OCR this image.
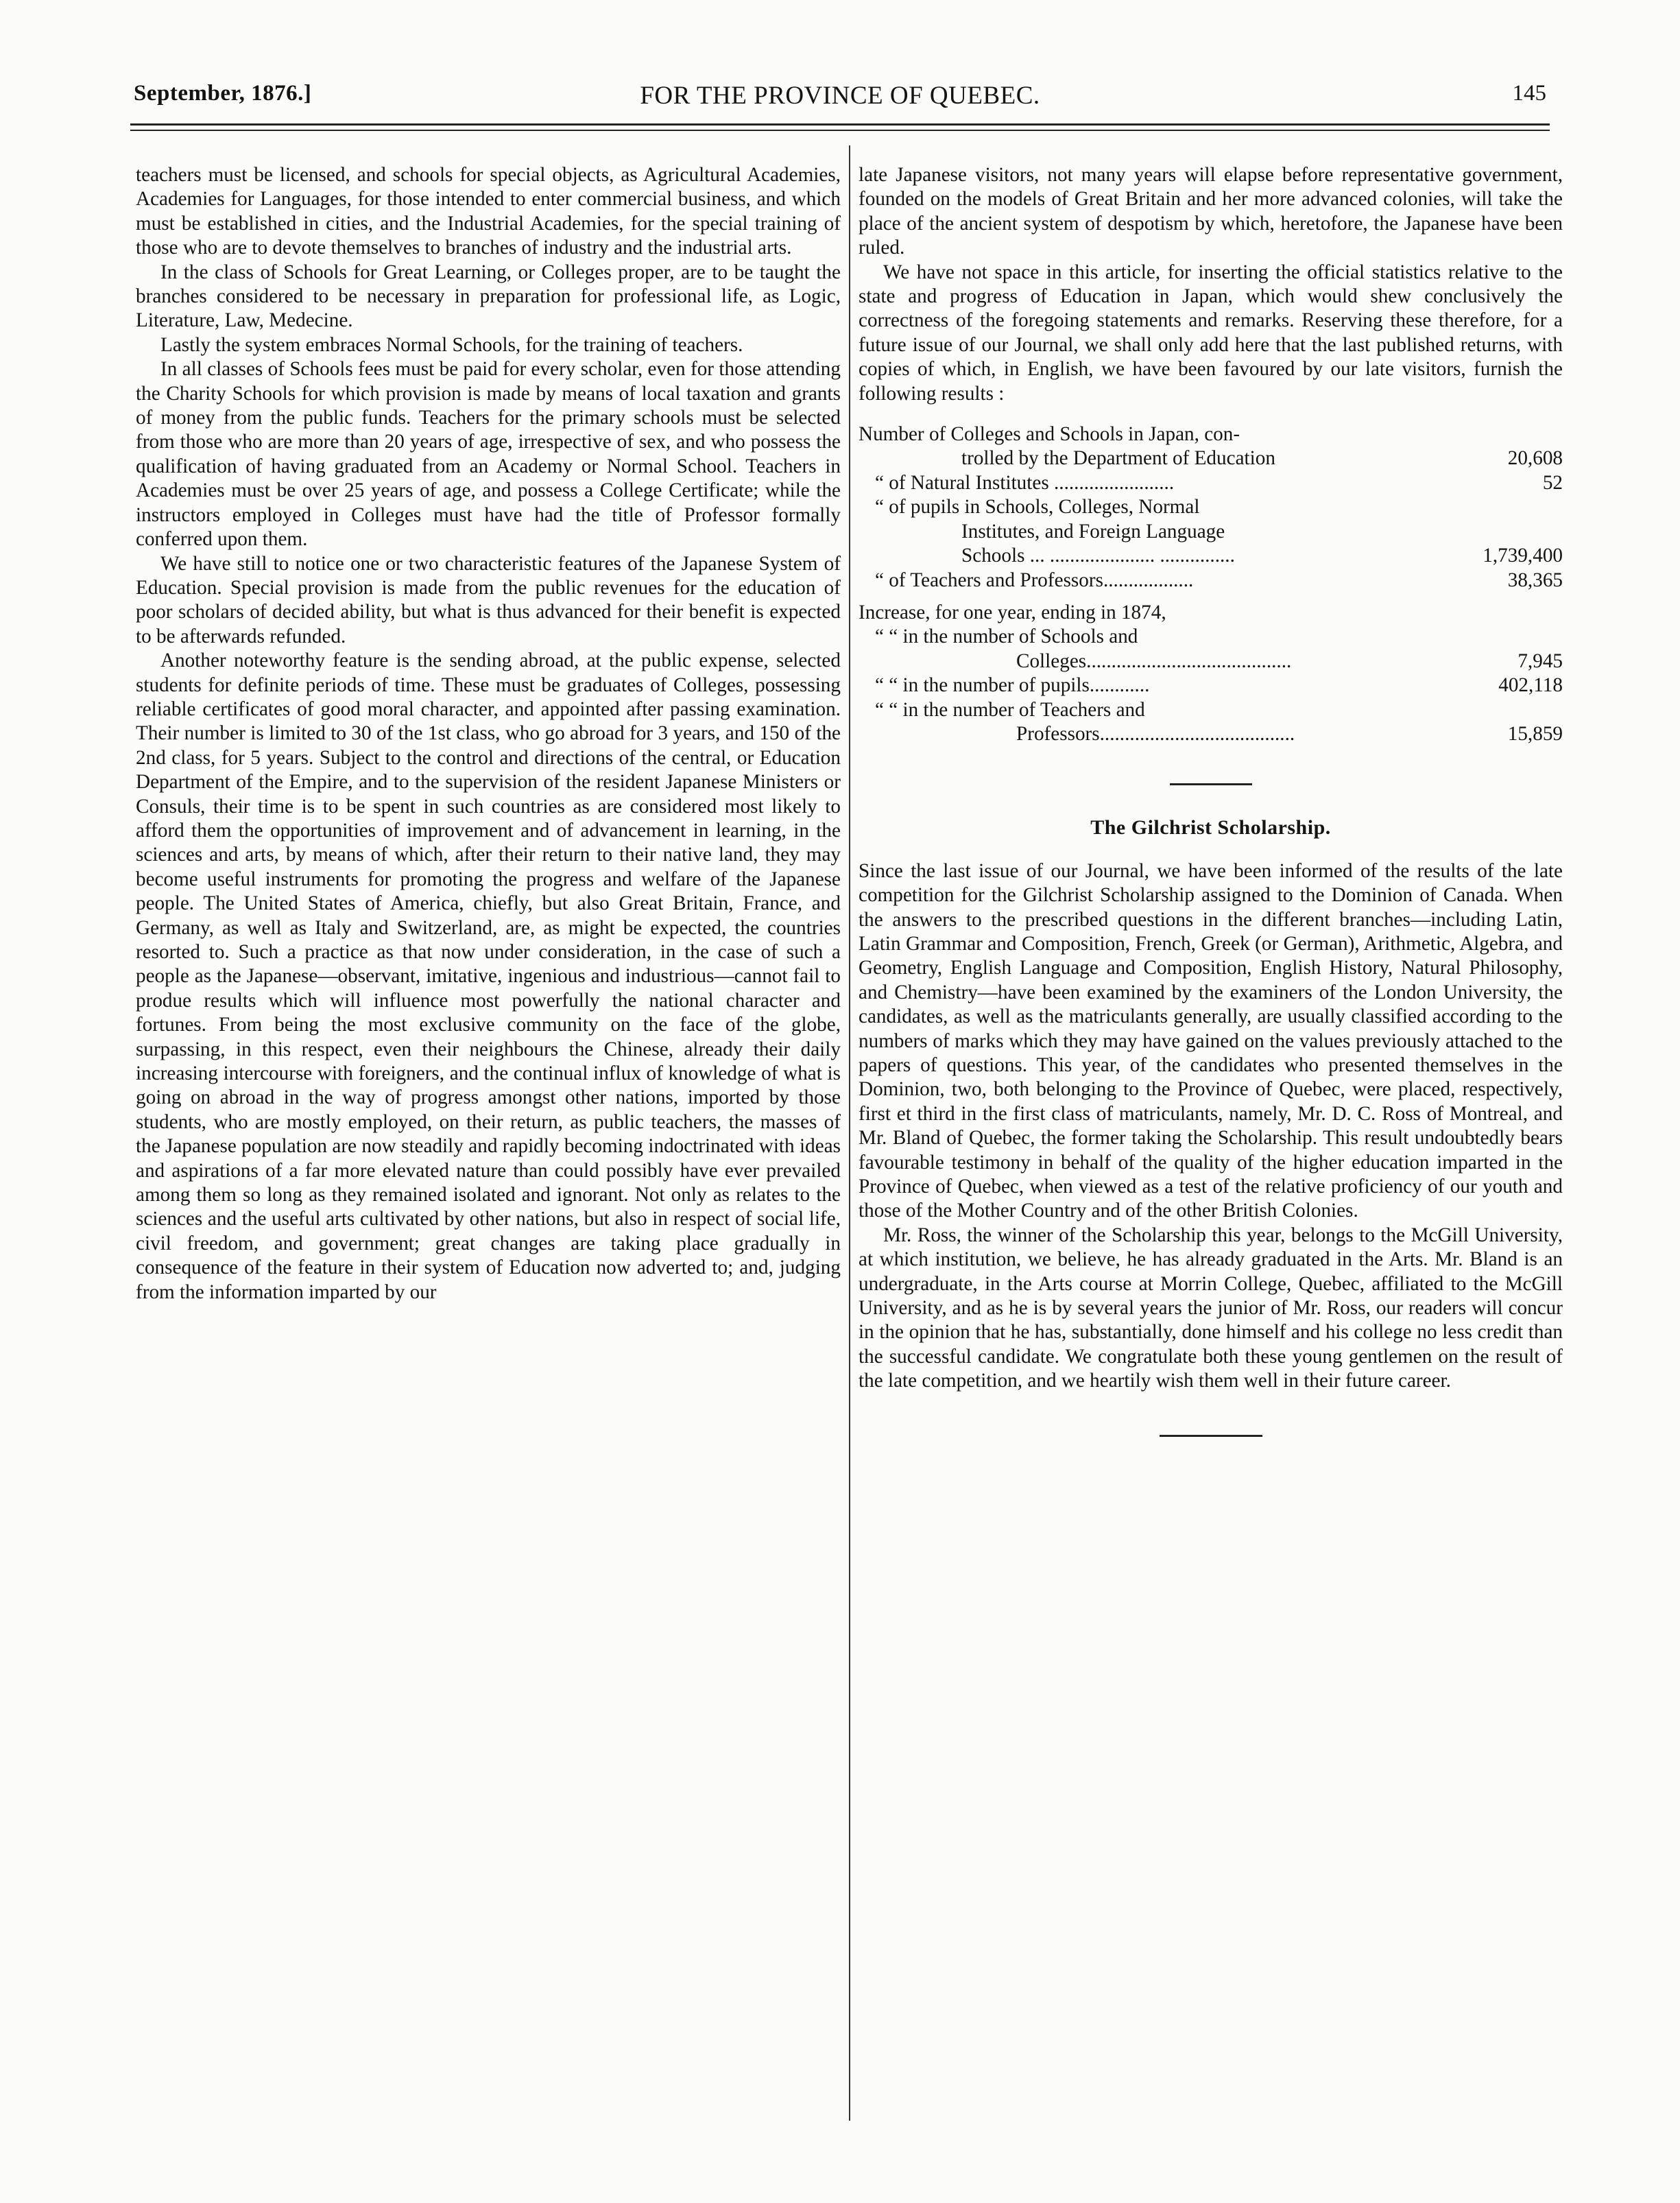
FOR THE PROVINCE OF QUEBEC.
September, 1876.]	145

teachers must be licensed, and schools for special objects, as Agricultural Academies, Academies for Languages, for those intended to enter commercial business, and which must be established in cities, and the Industrial Academies, for the special training of those who are to devote themselves to branches of industry and the industrial arts.

In the class of Schools for Great Learning, or Colleges proper, are to be taught the branches considered to be necessary in preparation for professional life, as Logic, Literature, Law, Medecine.

Lastly the system embraces Normal Schools, for the training of teachers.

In all classes of Schools fees must be paid for every scholar, even for those attending the Charity Schools for which provision is made by means of local taxation and grants of money from the public funds. Teachers for the primary schools must be selected from those who are more than 20 years of age, irrespective of sex, and who possess the qualification of having graduated from an Academy or Normal School. Teachers in Academies must be over 25 years of age, and possess a College Certificate; while the instructors employed in Colleges must have had the title of Professor formally conferred upon them.

We have still to notice one or two characteristic features of the Japanese System of Education. Special provision is made from the public revenues for the education of poor scholars of decided ability, but what is thus advanced for their benefit is expected to be afterwards refunded.

Another noteworthy feature is the sending abroad, at the public expense, selected students for definite periods of time. These must be graduates of Colleges, possessing reliable certificates of good moral character, and appointed after passing examination. Their number is limited to 30 of the 1st class, who go abroad for 3 years, and 150 of the 2nd class, for 5 years. Subject to the control and directions of the central, or Education Department of the Empire, and to the supervision of the resident Japanese Ministers or Consuls, their time is to be spent in such countries as are considered most likely to afford them the opportunities of improvement and of advancement in learning, in the sciences and arts, by means of which, after their return to their native land, they may become useful instruments for promoting the progress and welfare of the Japanese people. The United States of America, chiefly, but also Great Britain, France, and Germany, as well as Italy and Switzerland, are, as might be expected, the countries resorted to. Such a practice as that now under consideration, in the case of such a people as the Japanese—observant, imitative, ingenious and industrious—cannot fail to produe results which will influence most powerfully the national character and fortunes. From being the most exclusive community on the face of the globe, surpassing, in this respect, even their neighbours the Chinese, already their daily increasing intercourse with foreigners, and the continual influx of knowledge of what is going on abroad in the way of progress amongst other nations, imported by those students, who are mostly employed, on their return, as public teachers, the masses of the Japanese population are now steadily and rapidly becoming indoctrinated with ideas and aspirations of a far more elevated nature than could possibly have ever prevailed among them so long as they remained isolated and ignorant. Not only as relates to the sciences and the useful arts cultivated by other nations, but also in respect of social life, civil freedom, and government; great changes are taking place gradually in consequence of the feature in their system of Education now adverted to; and, judging from the information imparted by our

late Japanese visitors, not many years will elapse before representative government, founded on the models of Great Britain and her more advanced colonies, will take the place of the ancient system of despotism by which, heretofore, the Japanese have been ruled.

We have not space in this article, for inserting the official statistics relative to the state and progress of Education in Japan, which would shew conclusively the correctness of the foregoing statements and remarks. Reserving these therefore, for a future issue of our Journal, we shall only add here that the last published returns, with copies of which, in English, we have been favoured by our late visitors, furnish the following results :

Number of Colleges and Schools in Japan, con-
trolled by the Department of Education	20,608
“ of Natural Institutes ........................	52
“ of pupils in Schools, Colleges, Normal
Institutes, and Foreign Language
Schools ... ..................... ...............	1,739,400
“ of Teachers and Professors..................	38,365
Increase, for one year, ending in 1874,
“ “ in the number of Schools and
Colleges.........................................	7,945
“ “ in the number of pupils............	402,118
“ “ in the number of Teachers and
Professors.......................................	15,859
The Gilchrist Scholarship.

Since the last issue of our Journal, we have been informed of the results of the late competition for the Gilchrist Scholarship assigned to the Dominion of Canada. When the answers to the prescribed questions in the different branches—including Latin, Latin Grammar and Composition, French, Greek (or German), Arithmetic, Algebra, and Geometry, English Language and Composition, English History, Natural Philosophy, and Chemistry—have been examined by the examiners of the London University, the candidates, as well as the matriculants generally, are usually classified according to the numbers of marks which they may have gained on the values previously attached to the papers of questions. This year, of the candidates who presented themselves in the Dominion, two, both belonging to the Province of Quebec, were placed, respectively, first et third in the first class of matriculants, namely, Mr. D. C. Ross of Montreal, and Mr. Bland of Quebec, the former taking the Scholarship. This result undoubtedly bears favourable testimony in behalf of the quality of the higher education imparted in the Province of Quebec, when viewed as a test of the relative proficiency of our youth and those of the Mother Country and of the other British Colonies.

Mr. Ross, the winner of the Scholarship this year, belongs to the McGill University, at which institution, we believe, he has already graduated in the Arts. Mr. Bland is an undergraduate, in the Arts course at Morrin College, Quebec, affiliated to the McGill University, and as he is by several years the junior of Mr. Ross, our readers will concur in the opinion that he has, substantially, done himself and his college no less credit than the successful candidate. We congratulate both these young gentlemen on the result of the late competition, and we heartily wish them well in their future career.
